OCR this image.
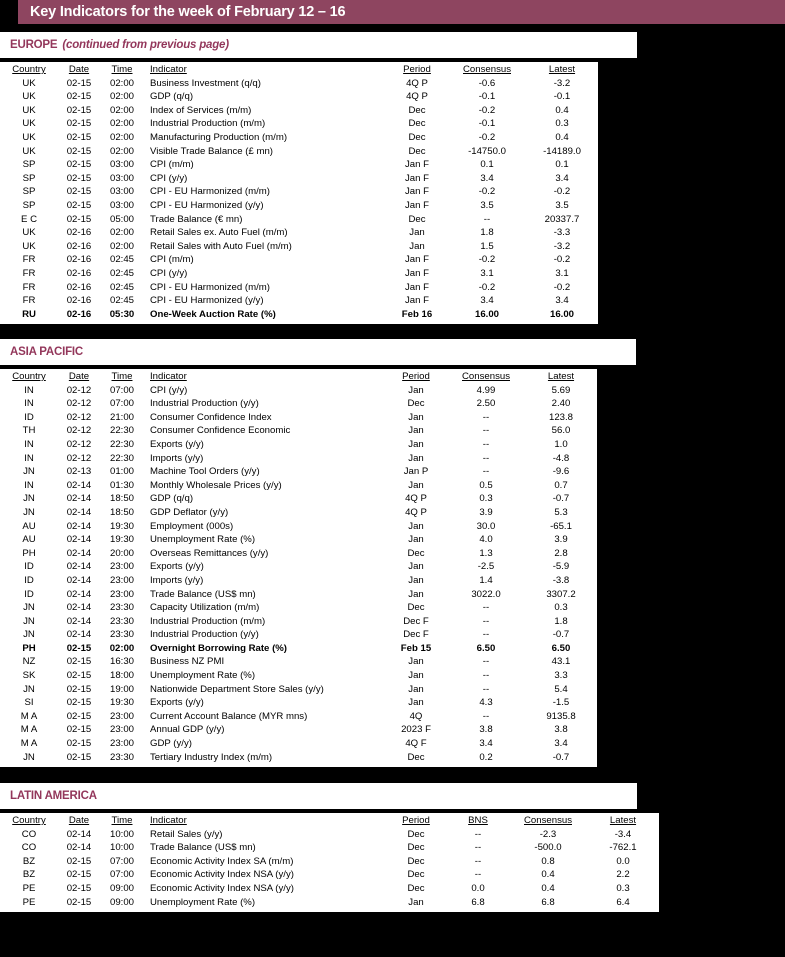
Key Indicators for the week of February 12 – 16
EUROPE (continued from previous page)
Country	Date	Time	Indicator	Period	Consensus	Latest
UK	02-15	02:00	Business Investment (q/q)	4Q P	-0.6	-3.2
UK	02-15	02:00	GDP (q/q)	4Q P	-0.1	-0.1
UK	02-15	02:00	Index of Services (m/m)	Dec	-0.2	0.4
UK	02-15	02:00	Industrial Production (m/m)	Dec	-0.1	0.3
UK	02-15	02:00	Manufacturing Production (m/m)	Dec	-0.2	0.4
UK	02-15	02:00	Visible Trade Balance (£ mn)	Dec	-14750.0	-14189.0
SP	02-15	03:00	CPI (m/m)	Jan F	0.1	0.1
SP	02-15	03:00	CPI (y/y)	Jan F	3.4	3.4
SP	02-15	03:00	CPI - EU Harmonized (m/m)	Jan F	-0.2	-0.2
SP	02-15	03:00	CPI - EU Harmonized (y/y)	Jan F	3.5	3.5
E C	02-15	05:00	Trade Balance (€ mn)	Dec	--	20337.7
UK	02-16	02:00	Retail Sales ex. Auto Fuel (m/m)	Jan	1.8	-3.3
UK	02-16	02:00	Retail Sales with Auto Fuel (m/m)	Jan	1.5	-3.2
FR	02-16	02:45	CPI (m/m)	Jan F	-0.2	-0.2
FR	02-16	02:45	CPI (y/y)	Jan F	3.1	3.1
FR	02-16	02:45	CPI - EU Harmonized (m/m)	Jan F	-0.2	-0.2
FR	02-16	02:45	CPI - EU Harmonized (y/y)	Jan F	3.4	3.4
RU	02-16	05:30	One-Week Auction Rate (%)	Feb 16	16.00	16.00
ASIA PACIFIC
Country	Date	Time	Indicator	Period	Consensus	Latest
IN	02-12	07:00	CPI (y/y)	Jan	4.99	5.69
IN	02-12	07:00	Industrial Production (y/y)	Dec	2.50	2.40
ID	02-12	21:00	Consumer Confidence Index	Jan	--	123.8
TH	02-12	22:30	Consumer Confidence Economic	Jan	--	56.0
IN	02-12	22:30	Exports (y/y)	Jan	--	1.0
IN	02-12	22:30	Imports (y/y)	Jan	--	-4.8
JN	02-13	01:00	Machine Tool Orders (y/y)	Jan P	--	-9.6
IN	02-14	01:30	Monthly Wholesale Prices (y/y)	Jan	0.5	0.7
JN	02-14	18:50	GDP (q/q)	4Q P	0.3	-0.7
JN	02-14	18:50	GDP Deflator (y/y)	4Q P	3.9	5.3
AU	02-14	19:30	Employment (000s)	Jan	30.0	-65.1
AU	02-14	19:30	Unemployment Rate (%)	Jan	4.0	3.9
PH	02-14	20:00	Overseas Remittances (y/y)	Dec	1.3	2.8
ID	02-14	23:00	Exports (y/y)	Jan	-2.5	-5.9
ID	02-14	23:00	Imports (y/y)	Jan	1.4	-3.8
ID	02-14	23:00	Trade Balance (US$ mn)	Jan	3022.0	3307.2
JN	02-14	23:30	Capacity Utilization (m/m)	Dec	--	0.3
JN	02-14	23:30	Industrial Production (m/m)	Dec F	--	1.8
JN	02-14	23:30	Industrial Production (y/y)	Dec F	--	-0.7
PH	02-15	02:00	Overnight Borrowing Rate (%)	Feb 15	6.50	6.50
NZ	02-15	16:30	Business NZ PMI	Jan	--	43.1
SK	02-15	18:00	Unemployment Rate (%)	Jan	--	3.3
JN	02-15	19:00	Nationwide Department Store Sales (y/y)	Jan	--	5.4
SI	02-15	19:30	Exports (y/y)	Jan	4.3	-1.5
M A	02-15	23:00	Current Account Balance (MYR mns)	4Q	--	9135.8
M A	02-15	23:00	Annual GDP (y/y)	2023 F	3.8	3.8
M A	02-15	23:00	GDP (y/y)	4Q F	3.4	3.4
JN	02-15	23:30	Tertiary Industry Index (m/m)	Dec	0.2	-0.7
LATIN AMERICA
Country	Date	Time	Indicator	Period	BNS	Consensus	Latest
CO	02-14	10:00	Retail Sales (y/y)	Dec	--	-2.3	-3.4
CO	02-14	10:00	Trade Balance (US$ mn)	Dec	--	-500.0	-762.1
BZ	02-15	07:00	Economic Activity Index SA (m/m)	Dec	--	0.8	0.0
BZ	02-15	07:00	Economic Activity Index NSA (y/y)	Dec	--	0.4	2.2
PE	02-15	09:00	Economic Activity Index NSA (y/y)	Dec	0.0	0.4	0.3
PE	02-15	09:00	Unemployment Rate (%)	Jan	6.8	6.8	6.4
